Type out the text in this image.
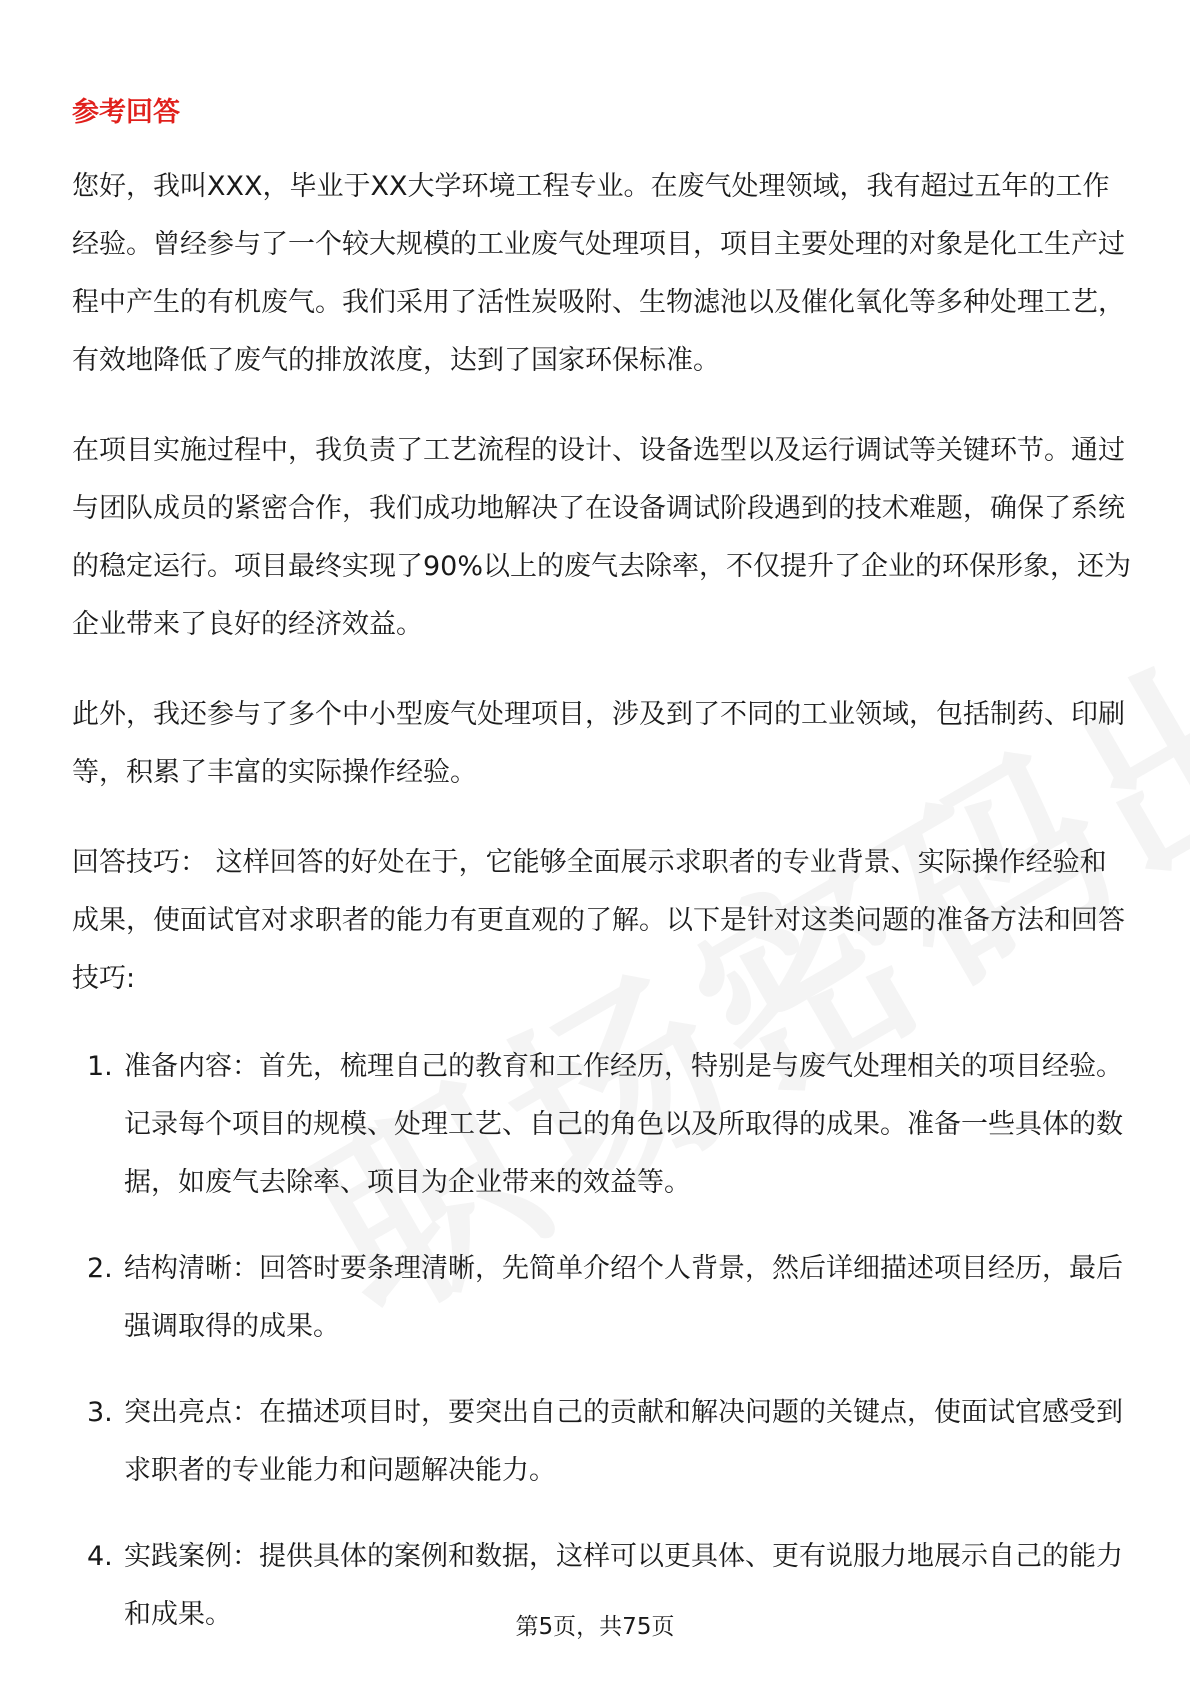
参考回答
您好，我叫XXX，毕业于XX大学环境工程专业。在废气处理领域，我有超过五年的工作经验。曾经参与了一个较大规模的工业废气处理项目，项目主要处理的对象是化工生产过程中产生的有机废气。我们采用了活性炭吸附、生物滤池以及催化氧化等多种处理工艺，有效地降低了废气的排放浓度，达到了国家环保标准。
在项目实施过程中，我负责了工艺流程的设计、设备选型以及运行调试等关键环节。通过与团队成员的紧密合作，我们成功地解决了在设备调试阶段遇到的技术难题，确保了系统的稳定运行。项目最终实现了90%以上的废气去除率，不仅提升了企业的环保形象，还为企业带来了良好的经济效益。
此外，我还参与了多个中小型废气处理项目，涉及到了不同的工业领域，包括制药、印刷等，积累了丰富的实际操作经验。
回答技巧： 这样回答的好处在于，它能够全面展示求职者的专业背景、实际操作经验和成果，使面试官对求职者的能力有更直观的了解。以下是针对这类问题的准备方法和回答技巧:
1. 准备内容：首先，梳理自己的教育和工作经历，特别是与废气处理相关的项目经验。记录每个项目的规模、处理工艺、自己的角色以及所取得的成果。准备一些具体的数据，如废气去除率、项目为企业带来的效益等。
2. 结构清晰：回答时要条理清晰，先简单介绍个人背景，然后详细描述项目经历，最后强调取得的成果。
3. 突出亮点：在描述项目时，要突出自己的贡献和解决问题的关键点，使面试官感受到求职者的专业能力和问题解决能力。
4. 实践案例：提供具体的案例和数据，这样可以更具体、更有说服力地展示自己的能力和成果。	第5页，共75页
